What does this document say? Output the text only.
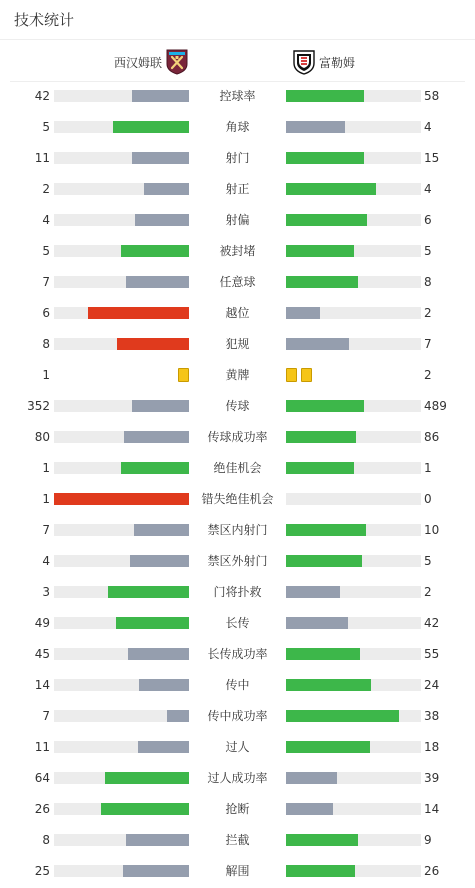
技术统计
西汉姆联	富勒姆
42	控球率	58
5	角球	4
11	射门	15
2	射正	4
4	射偏	6
5	被封堵	5
7	任意球	8
6	越位	2
8	犯规	7
1	黄牌	2
352	传球	489
80	传球成功率	86
1	绝佳机会	1
1	错失绝佳机会	0
7	禁区内射门	10
4	禁区外射门	5
3	门将扑救	2
49	长传	42
45	长传成功率	55
14	传中	24
7	传中成功率	38
11	过人	18
64	过人成功率	39
26	抢断	14
8	拦截	9
25	解围	26
